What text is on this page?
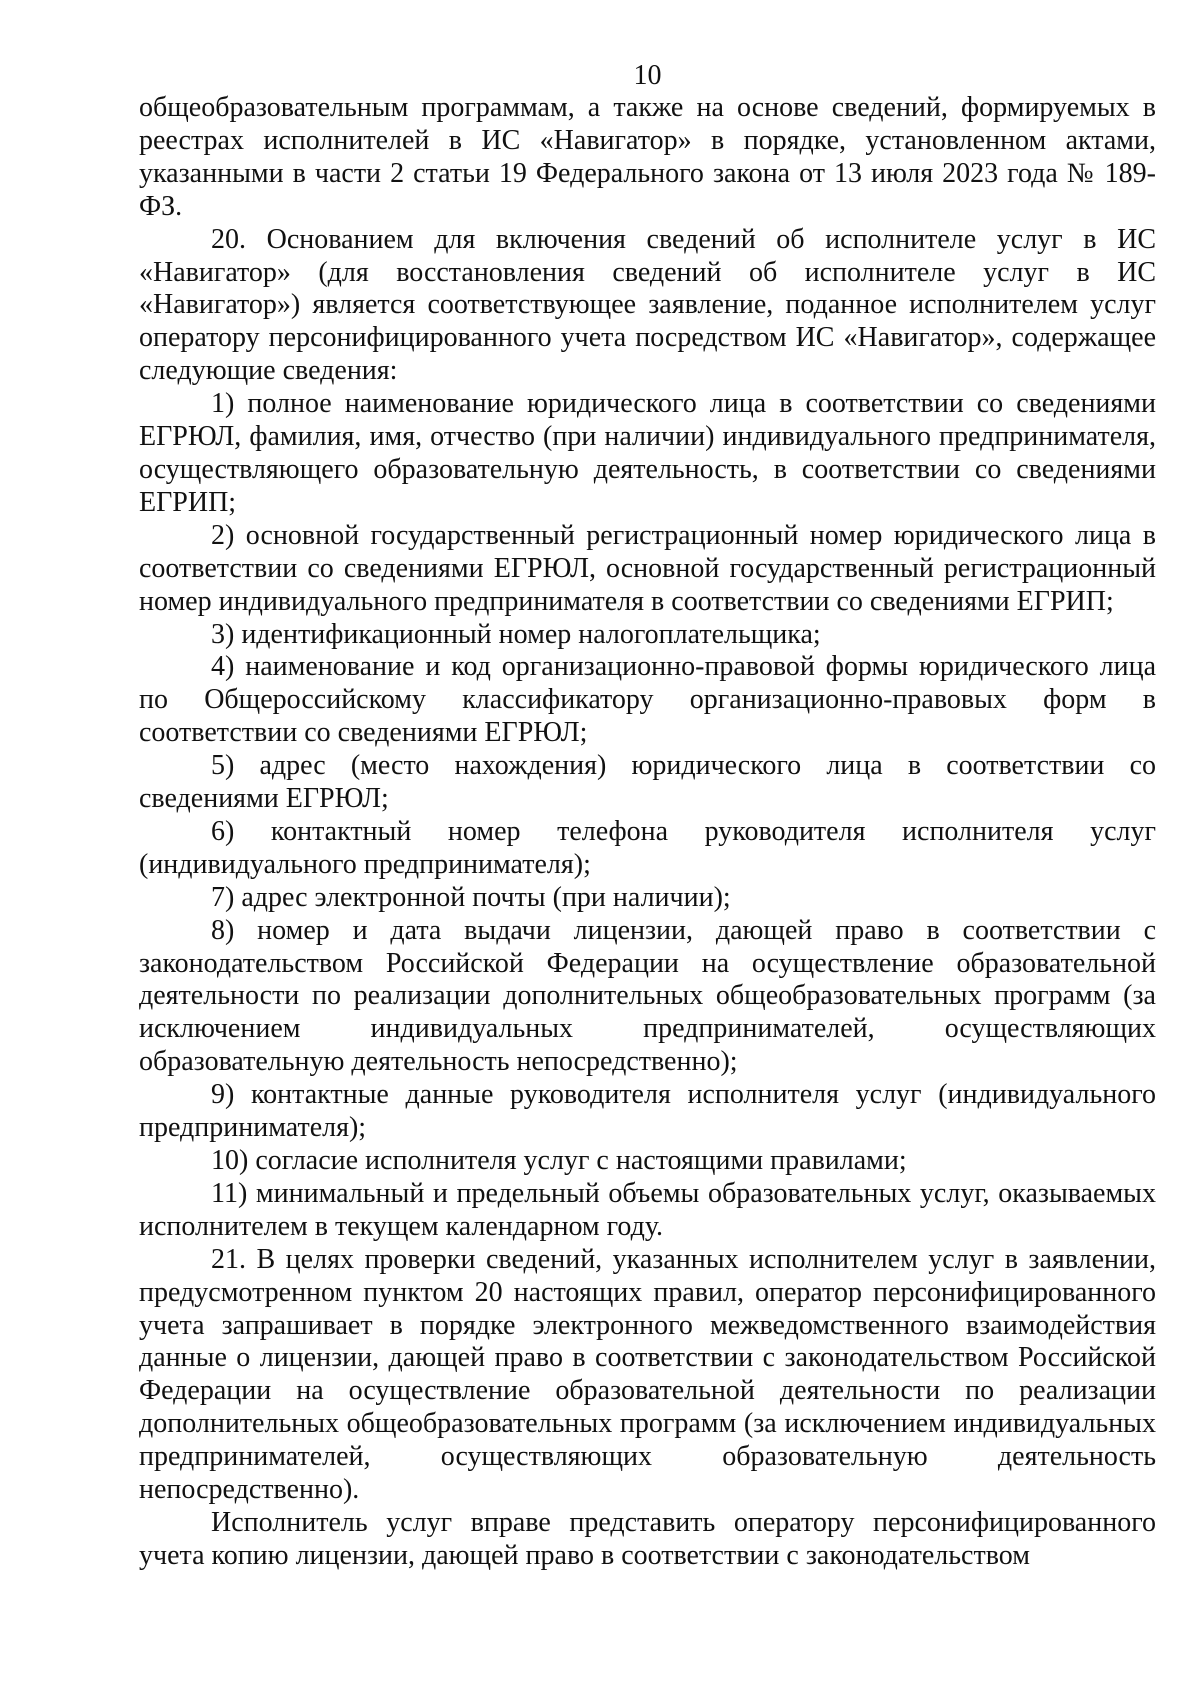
10

общеобразовательным программам, а также на основе сведений, формируемых в реестрах исполнителей в ИС «Навигатор» в порядке, установленном актами, указанными в части 2 статьи 19 Федерального закона от 13 июля 2023 года № 189-ФЗ.

20. Основанием для включения сведений об исполнителе услуг в ИС «Навигатор» (для восстановления сведений об исполнителе услуг в ИС «Навигатор») является соответствующее заявление, поданное исполнителем услуг оператору персонифицированного учета посредством ИС «Навигатор», содержащее следующие сведения:

1) полное наименование юридического лица в соответствии со сведениями ЕГРЮЛ, фамилия, имя, отчество (при наличии) индивидуального предпринимателя, осуществляющего образовательную деятельность, в соответствии со сведениями ЕГРИП;

2) основной государственный регистрационный номер юридического лица в соответствии со сведениями ЕГРЮЛ, основной государственный регистрационный номер индивидуального предпринимателя в соответствии со сведениями ЕГРИП;

3) идентификационный номер налогоплательщика;

4) наименование и код организационно-правовой формы юридического лица по Общероссийскому классификатору организационно-правовых форм в соответствии со сведениями ЕГРЮЛ;

5) адрес (место нахождения) юридического лица в соответствии со сведениями ЕГРЮЛ;

6) контактный номер телефона руководителя исполнителя услуг (индивидуального предпринимателя);

7) адрес электронной почты (при наличии);

8) номер и дата выдачи лицензии, дающей право в соответствии с законодательством Российской Федерации на осуществление образовательной деятельности по реализации дополнительных общеобразовательных программ (за исключением индивидуальных предпринимателей, осуществляющих образовательную деятельность непосредственно);

9) контактные данные руководителя исполнителя услуг (индивидуального предпринимателя);

10) согласие исполнителя услуг с настоящими правилами;

11) минимальный и предельный объемы образовательных услуг, оказываемых исполнителем в текущем календарном году.

21. В целях проверки сведений, указанных исполнителем услуг в заявлении, предусмотренном пунктом 20 настоящих правил, оператор персонифицированного учета запрашивает в порядке электронного межведомственного взаимодействия данные о лицензии, дающей право в соответствии с законодательством Российской Федерации на осуществление образовательной деятельности по реализации дополнительных общеобразовательных программ (за исключением индивидуальных предпринимателей, осуществляющих образовательную деятельность непосредственно).

Исполнитель услуг вправе представить оператору персонифицированного учета копию лицензии, дающей право в соответствии с законодательством
